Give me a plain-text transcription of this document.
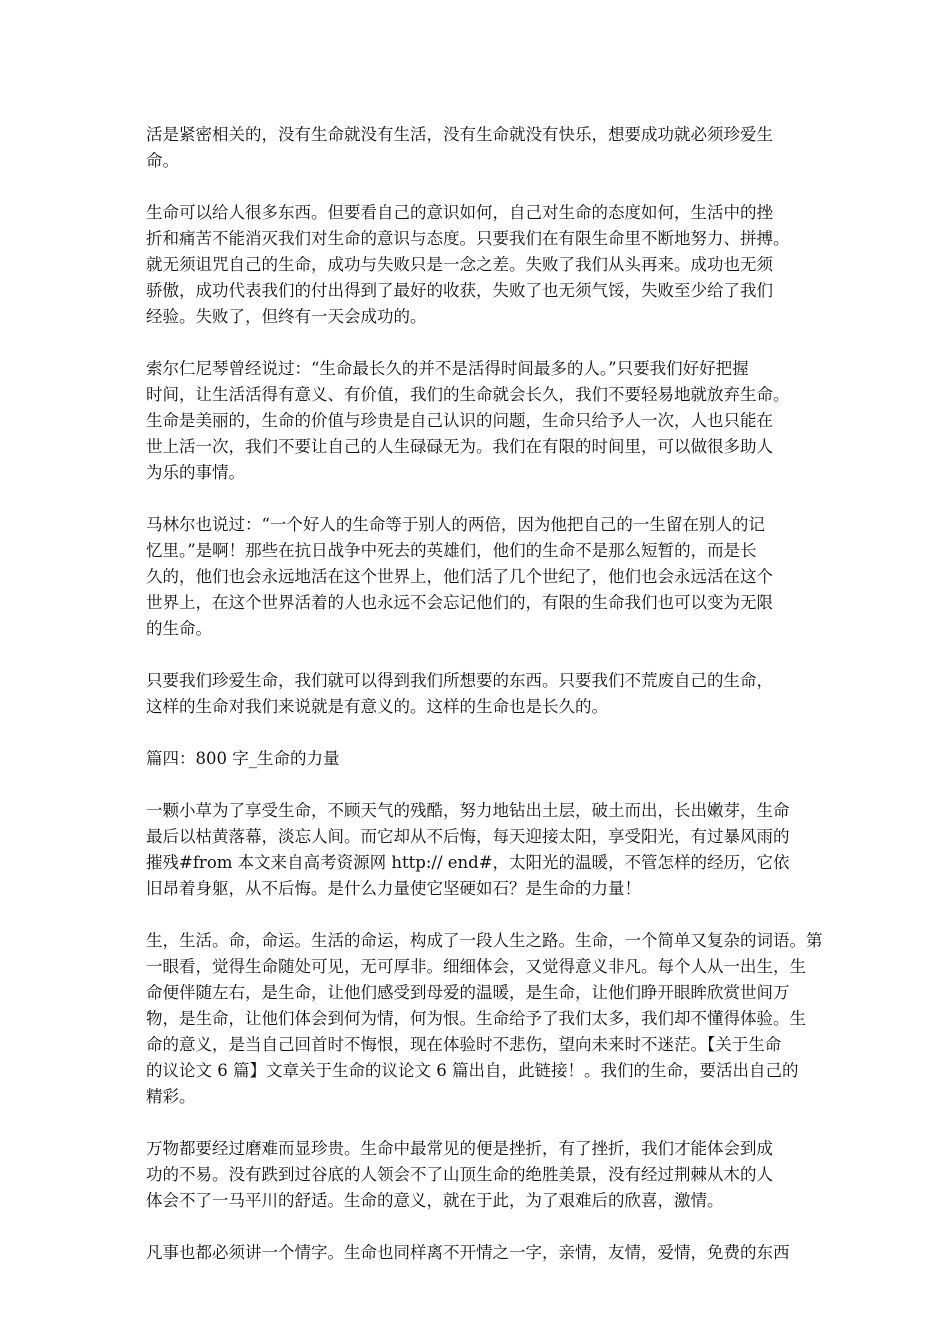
活是紧密相关的，没有生命就没有生活，没有生命就没有快乐，想要成功就必须珍爱生
命。

生命可以给人很多东西。但要看自己的意识如何，自己对生命的态度如何，生活中的挫
折和痛苦不能消灭我们对生命的意识与态度。只要我们在有限生命里不断地努力、拼搏。
就无须诅咒自己的生命，成功与失败只是一念之差。失败了我们从头再来。成功也无须
骄傲，成功代表我们的付出得到了最好的收获，失败了也无须气馁，失败至少给了我们
经验。失败了，但终有一天会成功的。

索尔仁尼琴曾经说过：“生命最长久的并不是活得时间最多的人。”只要我们好好把握
时间，让生活活得有意义、有价值，我们的生命就会长久，我们不要轻易地就放弃生命。
生命是美丽的，生命的价值与珍贵是自己认识的问题，生命只给予人一次，人也只能在
世上活一次，我们不要让自己的人生碌碌无为。我们在有限的时间里，可以做很多助人
为乐的事情。

马林尔也说过：“一个好人的生命等于别人的两倍，因为他把自己的一生留在别人的记
忆里。”是啊！那些在抗日战争中死去的英雄们，他们的生命不是那么短暂的，而是长
久的，他们也会永远地活在这个世界上，他们活了几个世纪了，他们也会永远活在这个
世界上，在这个世界活着的人也永远不会忘记他们的，有限的生命我们也可以变为无限
的生命。

只要我们珍爱生命，我们就可以得到我们所想要的东西。只要我们不荒废自己的生命，
这样的生命对我们来说就是有意义的。这样的生命也是长久的。

篇四：800 字_生命的力量

一颗小草为了享受生命，不顾天气的残酷，努力地钻出土层，破土而出，长出嫩芽，生命
最后以枯黄落幕，淡忘人间。而它却从不后悔，每天迎接太阳，享受阳光，有过暴风雨的
摧残#from 本文来自高考资源网 http:// end#，太阳光的温暖，不管怎样的经历，它依
旧昂着身躯，从不后悔。是什么力量使它坚硬如石？是生命的力量！

生，生活。命，命运。生活的命运，构成了一段人生之路。生命，一个简单又复杂的词语。第
一眼看，觉得生命随处可见，无可厚非。细细体会，又觉得意义非凡。每个人从一出生，生
命便伴随左右，是生命，让他们感受到母爱的温暖，是生命，让他们睁开眼眸欣赏世间万
物，是生命，让他们体会到何为情，何为恨。生命给予了我们太多，我们却不懂得体验。生
命的意义，是当自己回首时不悔恨，现在体验时不悲伤，望向未来时不迷茫。【关于生命
的议论文 6 篇】文章关于生命的议论文 6 篇出自，此链接！。我们的生命，要活出自己的
精彩。

万物都要经过磨难而显珍贵。生命中最常见的便是挫折，有了挫折，我们才能体会到成
功的不易。没有跌到过谷底的人领会不了山顶生命的绝胜美景，没有经过荆棘从木的人
体会不了一马平川的舒适。生命的意义，就在于此，为了艰难后的欣喜，激情。

凡事也都必须讲一个情字。生命也同样离不开情之一字，亲情，友情，爱情，免费的东西
